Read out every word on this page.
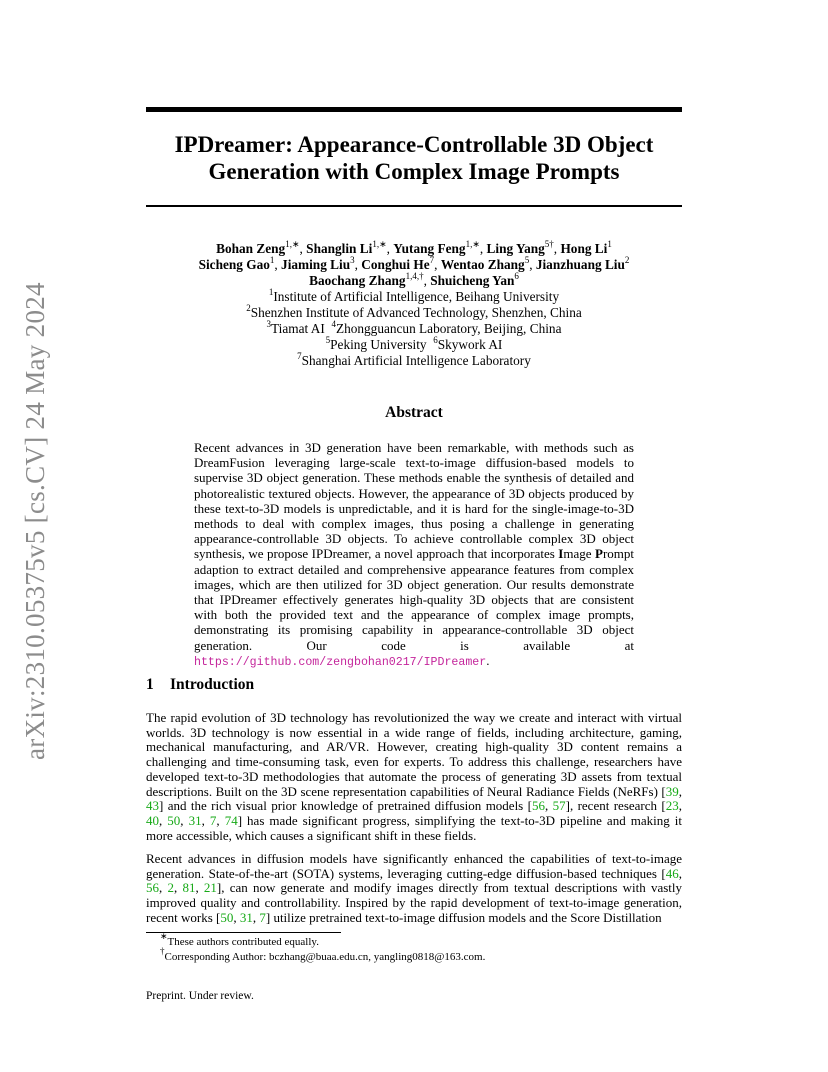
arXiv:2310.05375v5 [cs.CV] 24 May 2024
IPDreamer: Appearance-Controllable 3D Object
Generation with Complex Image Prompts
Bohan Zeng$^{1,∗}$, Shanglin $Li^{1,∗}$, Yutang Feng$^{1,∗}$, Ling Yang$^{5\dagger}$, Hong Li$^1$
Sicheng Gao$^1$, Jiaming Liu$^3$, Conghui He$^7$, Wentao Zhang$^5$, Jianzhuang Liu$^2$
Baochang Zhang$^{1,4,\dagger}$, Shuicheng Yan$^6$
$^1$Institute of Artificial Intelligence, Beihang University
$^2$Shenzhen Institute of Advanced Technology, Shenzhen, China
$^3$Tiamat AI $^4$Zhongguancun Laboratory, Beijing, China
$^5$Peking University $^6$Skywork AI
$^7$Shanghai Artificial Intelligence Laboratory
Abstract
Recent advances in 3D generation have been remarkable, with methods such as DreamFusion leveraging large-scale text-to-image diffusion-based models to supervise 3D object generation. These methods enable the synthesis of detailed and photorealistic textured objects. However, the appearance of 3D objects produced by these text-to-3D models is unpredictable, and it is hard for the single-image-to-3D methods to deal with complex images, thus posing a challenge in generating appearance-controllable 3D objects. To achieve controllable complex 3D object synthesis, we propose IPDreamer, a novel approach that incorporates Image Prompt adaption to extract detailed and comprehensive appearance features from complex images, which are then utilized for 3D object generation. Our results demonstrate that IPDreamer effectively generates high-quality 3D objects that are consistent with both the provided text and the appearance of complex image prompts, demonstrating its promising capability in appearance-controllable 3D object generation. Our code is available at https://github.com/zengbohan0217/IPDreamer.
1 Introduction
The rapid evolution of 3D technology has revolutionized the way we create and interact with virtual worlds. 3D technology is now essential in a wide range of fields, including architecture, gaming, mechanical manufacturing, and AR/VR. However, creating high-quality 3D content remains a challenging and time-consuming task, even for experts. To address this challenge, researchers have developed text-to-3D methodologies that automate the process of generating 3D assets from textual descriptions. Built on the 3D scene representation capabilities of Neural Radiance Fields (NeRFs) [39, 43] and the rich visual prior knowledge of pretrained diffusion models [56, 57], recent research [23, 40, 50, 31, 7, 74] has made significant progress, simplifying the text-to-3D pipeline and making it more accessible, which causes a significant shift in these fields.
Recent advances in diffusion models have significantly enhanced the capabilities of text-to-image generation. State-of-the-art (SOTA) systems, leveraging cutting-edge diffusion-based techniques [46, 56, 2, 81, 21], can now generate and modify images directly from textual descriptions with vastly improved quality and controllability. Inspired by the rapid development of text-to-image generation, recent works [50, 31, 7] utilize pretrained text-to-image diffusion models and the Score Distillation
∗These authors contributed equally.
†Corresponding Author: bczhang@buaa.edu.cn, yangling0818@163.com.
Preprint. Under review.
